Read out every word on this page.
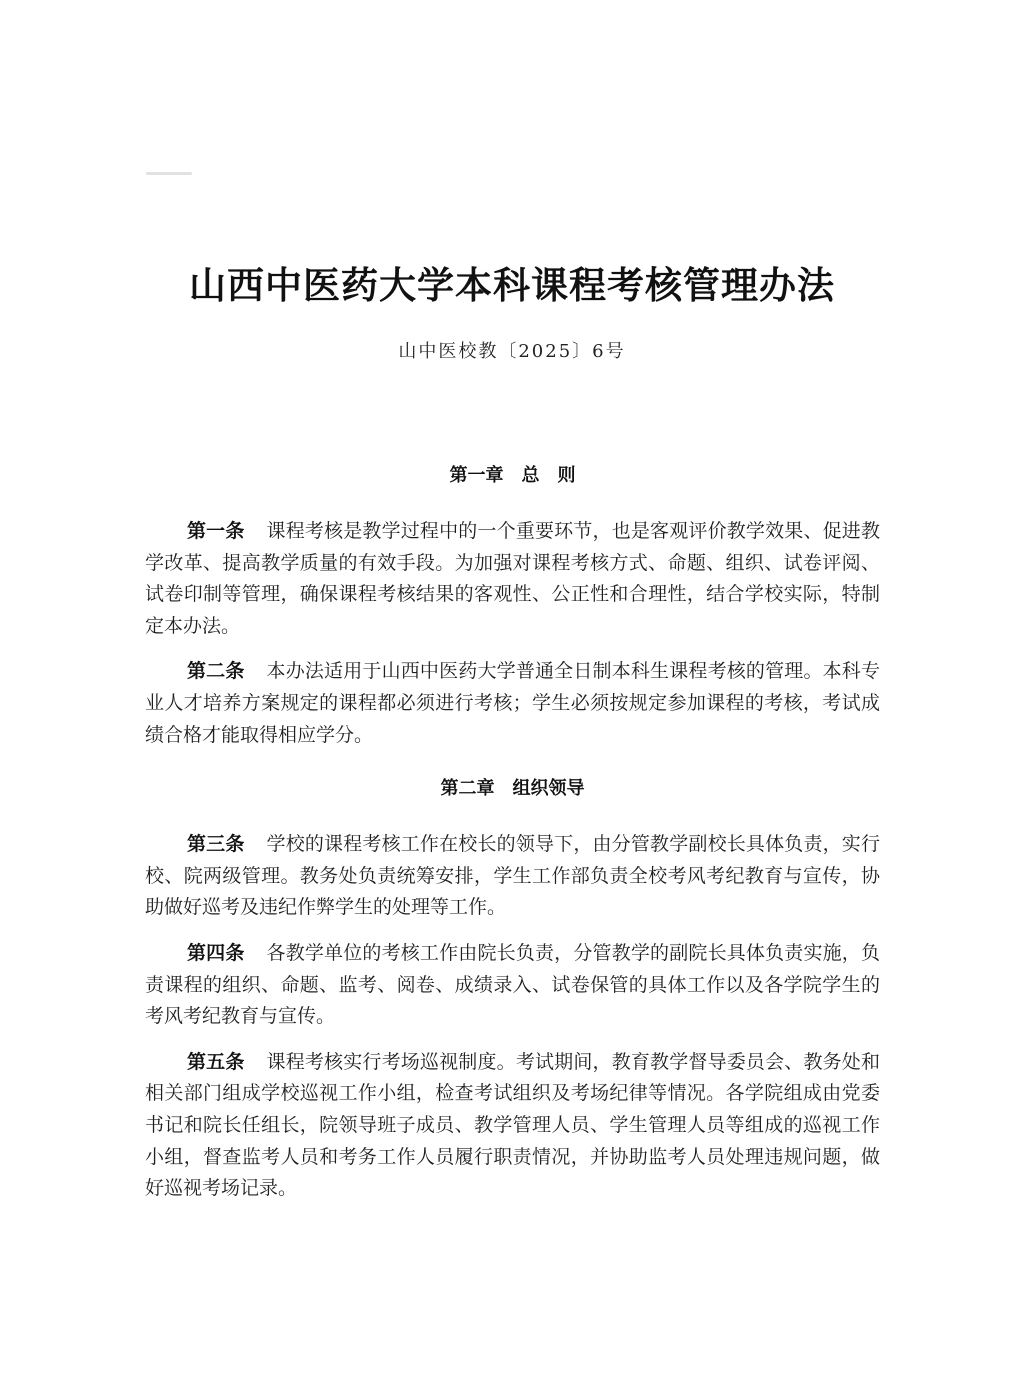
山西中医药大学本科课程考核管理办法
山中医校教〔2025〕6号
第一章　总　则

第一条 课程考核是教学过程中的一个重要环节，也是客观评价教学效果、促进教学改革、提高教学质量的有效手段。为加强对课程考核方式、命题、组织、试卷评阅、试卷印制等管理，确保课程考核结果的客观性、公正性和合理性，结合学校实际，特制定本办法。

第二条 本办法适用于山西中医药大学普通全日制本科生课程考核的管理。本科专业人才培养方案规定的课程都必须进行考核；学生必须按规定参加课程的考核，考试成绩合格才能取得相应学分。

第二章　组织领导

第三条 学校的课程考核工作在校长的领导下，由分管教学副校长具体负责，实行校、院两级管理。教务处负责统筹安排，学生工作部负责全校考风考纪教育与宣传，协助做好巡考及违纪作弊学生的处理等工作。

第四条 各教学单位的考核工作由院长负责，分管教学的副院长具体负责实施，负责课程的组织、命题、监考、阅卷、成绩录入、试卷保管的具体工作以及各学院学生的考风考纪教育与宣传。

第五条 课程考核实行考场巡视制度。考试期间，教育教学督导委员会、教务处和相关部门组成学校巡视工作小组，检查考试组织及考场纪律等情况。各学院组成由党委书记和院长任组长，院领导班子成员、教学管理人员、学生管理人员等组成的巡视工作小组，督查监考人员和考务工作人员履行职责情况，并协助监考人员处理违规问题，做好巡视考场记录。
